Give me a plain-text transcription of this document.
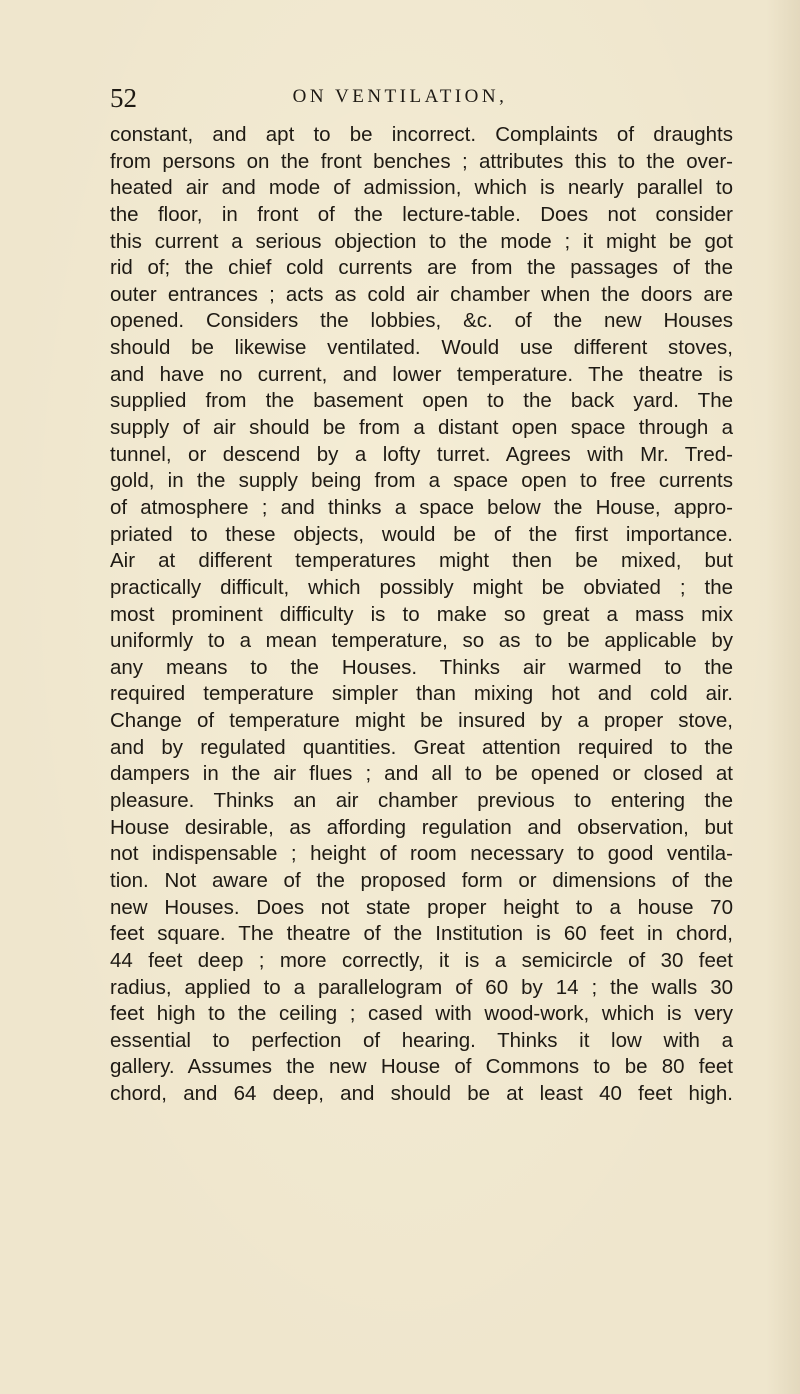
52	ON VENTILATION,
constant, and apt to be incorrect. Complaints of draughts
from persons on the front benches ; attributes this to the over-
heated air and mode of admission, which is nearly parallel to
the floor, in front of the lecture-table. Does not consider
this current a serious objection to the mode ; it might be got
rid of; the chief cold currents are from the passages of the
outer entrances ; acts as cold air chamber when the doors are
opened. Considers the lobbies, &c. of the new Houses
should be likewise ventilated. Would use different stoves,
and have no current, and lower temperature. The theatre is
supplied from the basement open to the back yard. The
supply of air should be from a distant open space through a
tunnel, or descend by a lofty turret. Agrees with Mr. Tred-
gold, in the supply being from a space open to free currents
of atmosphere ; and thinks a space below the House, appro-
priated to these objects, would be of the first importance.
Air at different temperatures might then be mixed, but
practically difficult, which possibly might be obviated ; the
most prominent difficulty is to make so great a mass mix
uniformly to a mean temperature, so as to be applicable by
any means to the Houses. Thinks air warmed to the
required temperature simpler than mixing hot and cold air.
Change of temperature might be insured by a proper stove,
and by regulated quantities. Great attention required to the
dampers in the air flues ; and all to be opened or closed at
pleasure. Thinks an air chamber previous to entering the
House desirable, as affording regulation and observation, but
not indispensable ; height of room necessary to good ventila-
tion. Not aware of the proposed form or dimensions of the
new Houses. Does not state proper height to a house 70
feet square. The theatre of the Institution is 60 feet in chord,
44 feet deep ; more correctly, it is a semicircle of 30 feet
radius, applied to a parallelogram of 60 by 14 ; the walls 30
feet high to the ceiling ; cased with wood-work, which is very
essential to perfection of hearing. Thinks it low with a
gallery. Assumes the new House of Commons to be 80 feet
chord, and 64 deep, and should be at least 40 feet high.
